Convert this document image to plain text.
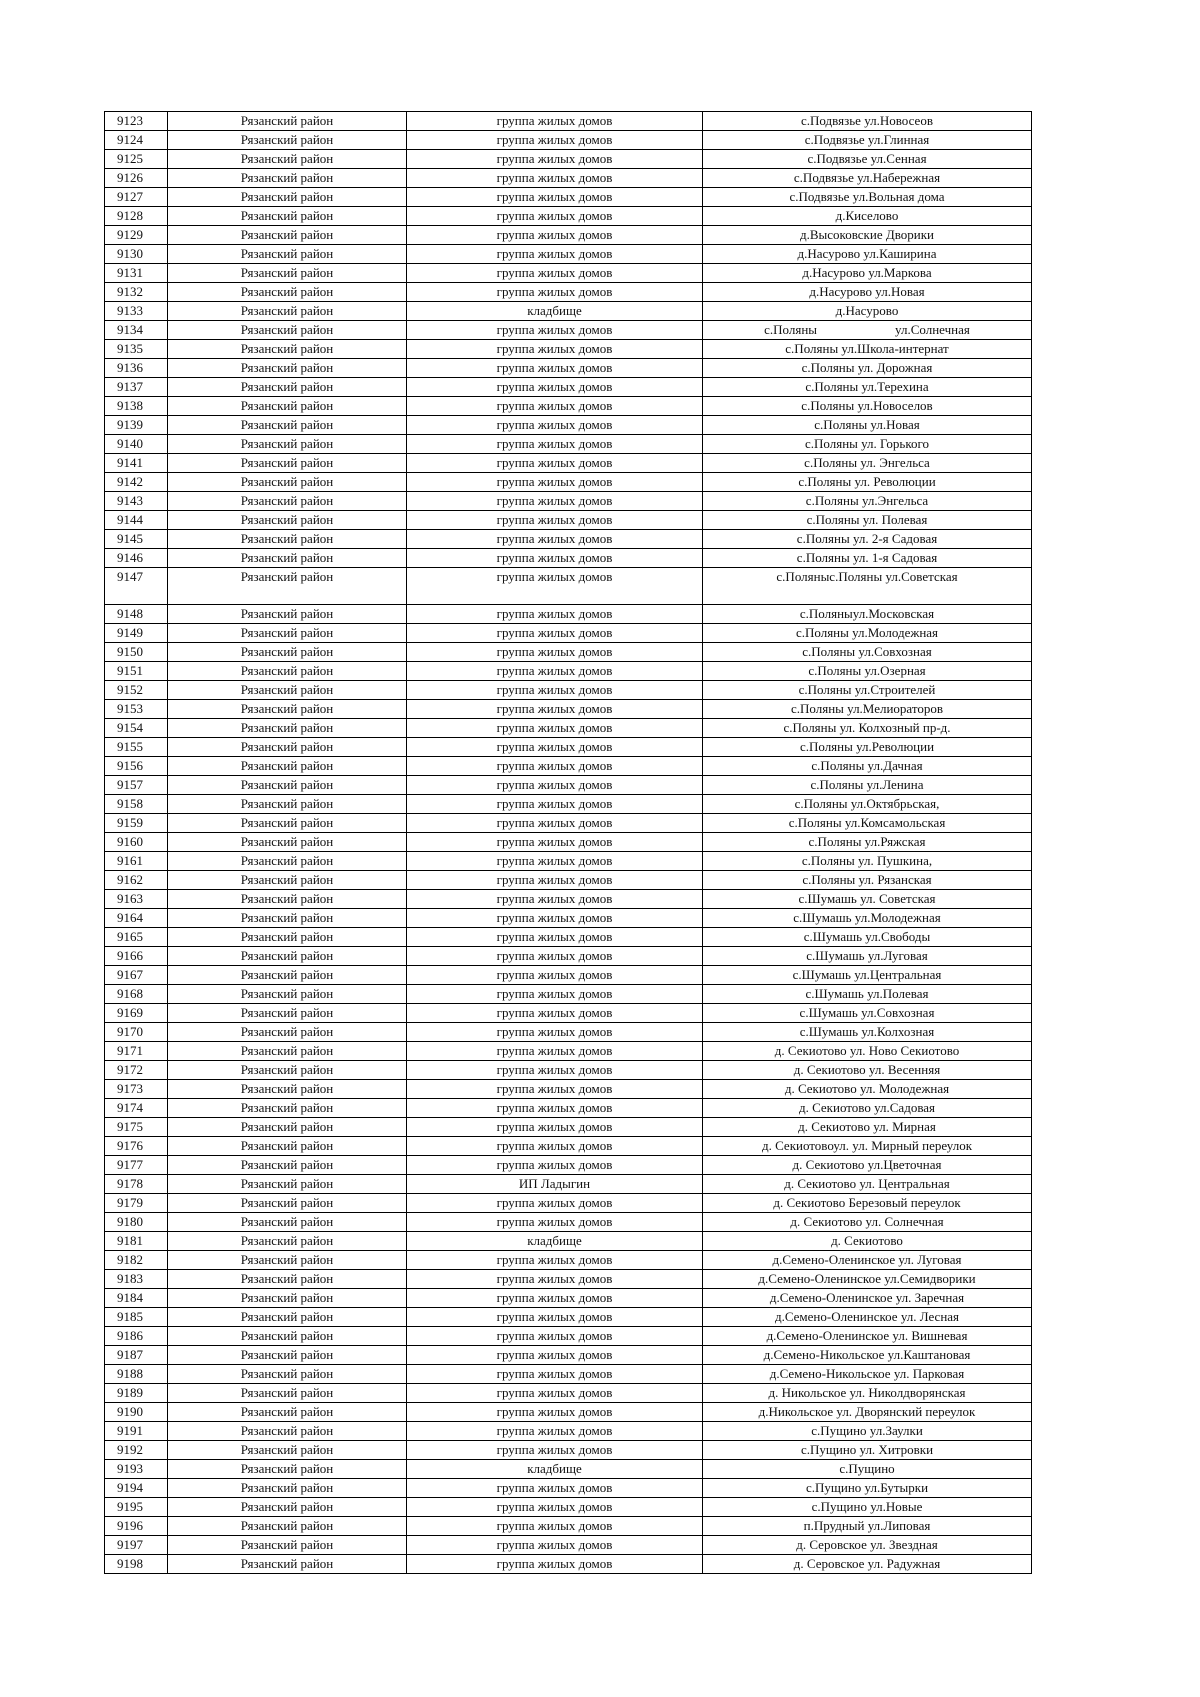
9123	Рязанский район	группа жилых домов	с.Подвязье ул.Новосеов
9124	Рязанский район	группа жилых домов	с.Подвязье ул.Глинная
9125	Рязанский район	группа жилых домов	с.Подвязье ул.Сенная
9126	Рязанский район	группа жилых домов	с.Подвязье ул.Набережная
9127	Рязанский район	группа жилых домов	с.Подвязье ул.Вольная дома
9128	Рязанский район	группа жилых домов	д.Киселово
9129	Рязанский район	группа жилых домов	д.Высоковские Дворики
9130	Рязанский район	группа жилых домов	д.Насурово ул.Каширина
9131	Рязанский район	группа жилых домов	д.Насурово ул.Маркова
9132	Рязанский район	группа жилых домов	д.Насурово ул.Новая
9133	Рязанский район	кладбище	д.Насурово
9134	Рязанский район	группа жилых домов	с.Поляны ул.Солнечная
9135	Рязанский район	группа жилых домов	с.Поляны ул.Школа-интернат
9136	Рязанский район	группа жилых домов	с.Поляны ул. Дорожная
9137	Рязанский район	группа жилых домов	с.Поляны ул.Терехина
9138	Рязанский район	группа жилых домов	с.Поляны ул.Новоселов
9139	Рязанский район	группа жилых домов	с.Поляны ул.Новая
9140	Рязанский район	группа жилых домов	с.Поляны ул. Горького
9141	Рязанский район	группа жилых домов	с.Поляны ул. Энгельса
9142	Рязанский район	группа жилых домов	с.Поляны ул. Революции
9143	Рязанский район	группа жилых домов	с.Поляны ул.Энгельса
9144	Рязанский район	группа жилых домов	с.Поляны ул. Полевая
9145	Рязанский район	группа жилых домов	с.Поляны ул. 2-я Садовая
9146	Рязанский район	группа жилых домов	с.Поляны ул. 1-я Садовая
9147	Рязанский район	группа жилых домов	с.Поляныс.Поляны ул.Советская
9148	Рязанский район	группа жилых домов	с.Поляныул.Московская
9149	Рязанский район	группа жилых домов	с.Поляны ул.Молодежная
9150	Рязанский район	группа жилых домов	с.Поляны ул.Совхозная
9151	Рязанский район	группа жилых домов	с.Поляны ул.Озерная
9152	Рязанский район	группа жилых домов	с.Поляны ул.Строителей
9153	Рязанский район	группа жилых домов	с.Поляны ул.Мелиораторов
9154	Рязанский район	группа жилых домов	с.Поляны ул. Колхозный пр-д.
9155	Рязанский район	группа жилых домов	с.Поляны ул.Революции
9156	Рязанский район	группа жилых домов	с.Поляны ул.Дачная
9157	Рязанский район	группа жилых домов	с.Поляны ул.Ленина
9158	Рязанский район	группа жилых домов	с.Поляны ул.Октябрьская,
9159	Рязанский район	группа жилых домов	с.Поляны ул.Комсамольская
9160	Рязанский район	группа жилых домов	с.Поляны ул.Ряжская
9161	Рязанский район	группа жилых домов	с.Поляны ул. Пушкина,
9162	Рязанский район	группа жилых домов	с.Поляны ул. Рязанская
9163	Рязанский район	группа жилых домов	с.Шумашь ул. Советская
9164	Рязанский район	группа жилых домов	с.Шумашь ул.Молодежная
9165	Рязанский район	группа жилых домов	с.Шумашь ул.Свободы
9166	Рязанский район	группа жилых домов	с.Шумашь ул.Луговая
9167	Рязанский район	группа жилых домов	с.Шумашь ул.Центральная
9168	Рязанский район	группа жилых домов	с.Шумашь ул.Полевая
9169	Рязанский район	группа жилых домов	с.Шумашь ул.Совхозная
9170	Рязанский район	группа жилых домов	с.Шумашь ул.Колхозная
9171	Рязанский район	группа жилых домов	д. Секиотово ул. Ново Секиотово
9172	Рязанский район	группа жилых домов	д. Секиотово ул. Весенняя
9173	Рязанский район	группа жилых домов	д. Секиотово ул. Молодежная
9174	Рязанский район	группа жилых домов	д. Секиотово ул.Садовая
9175	Рязанский район	группа жилых домов	д. Секиотово ул. Мирная
9176	Рязанский район	группа жилых домов	д. Секиотовоул. ул. Мирный переулок
9177	Рязанский район	группа жилых домов	д. Секиотово ул.Цветочная
9178	Рязанский район	ИП Ладыгин	д. Секиотово ул. Центральная
9179	Рязанский район	группа жилых домов	д. Секиотово Березовый переулок
9180	Рязанский район	группа жилых домов	д. Секиотово ул. Солнечная
9181	Рязанский район	кладбище	д. Секиотово
9182	Рязанский район	группа жилых домов	д.Семено-Оленинское ул. Луговая
9183	Рязанский район	группа жилых домов	д.Семено-Оленинское ул.Семидворики
9184	Рязанский район	группа жилых домов	д.Семено-Оленинское ул. Заречная
9185	Рязанский район	группа жилых домов	д.Семено-Оленинское ул. Лесная
9186	Рязанский район	группа жилых домов	д.Семено-Оленинское ул. Вишневая
9187	Рязанский район	группа жилых домов	д.Семено-Никольское ул.Каштановая
9188	Рязанский район	группа жилых домов	д.Семено-Никольское ул. Парковая
9189	Рязанский район	группа жилых домов	д. Никольское ул. Николдворянская
9190	Рязанский район	группа жилых домов	д.Никольское ул. Дворянский переулок
9191	Рязанский район	группа жилых домов	с.Пущино ул.Заулки
9192	Рязанский район	группа жилых домов	с.Пущино ул. Хитровки
9193	Рязанский район	кладбище	с.Пущино
9194	Рязанский район	группа жилых домов	с.Пущино ул.Бутырки
9195	Рязанский район	группа жилых домов	с.Пущино ул.Новые
9196	Рязанский район	группа жилых домов	п.Прудный ул.Липовая
9197	Рязанский район	группа жилых домов	д. Серовское ул. Звездная
9198	Рязанский район	группа жилых домов	д. Серовское ул. Радужная
